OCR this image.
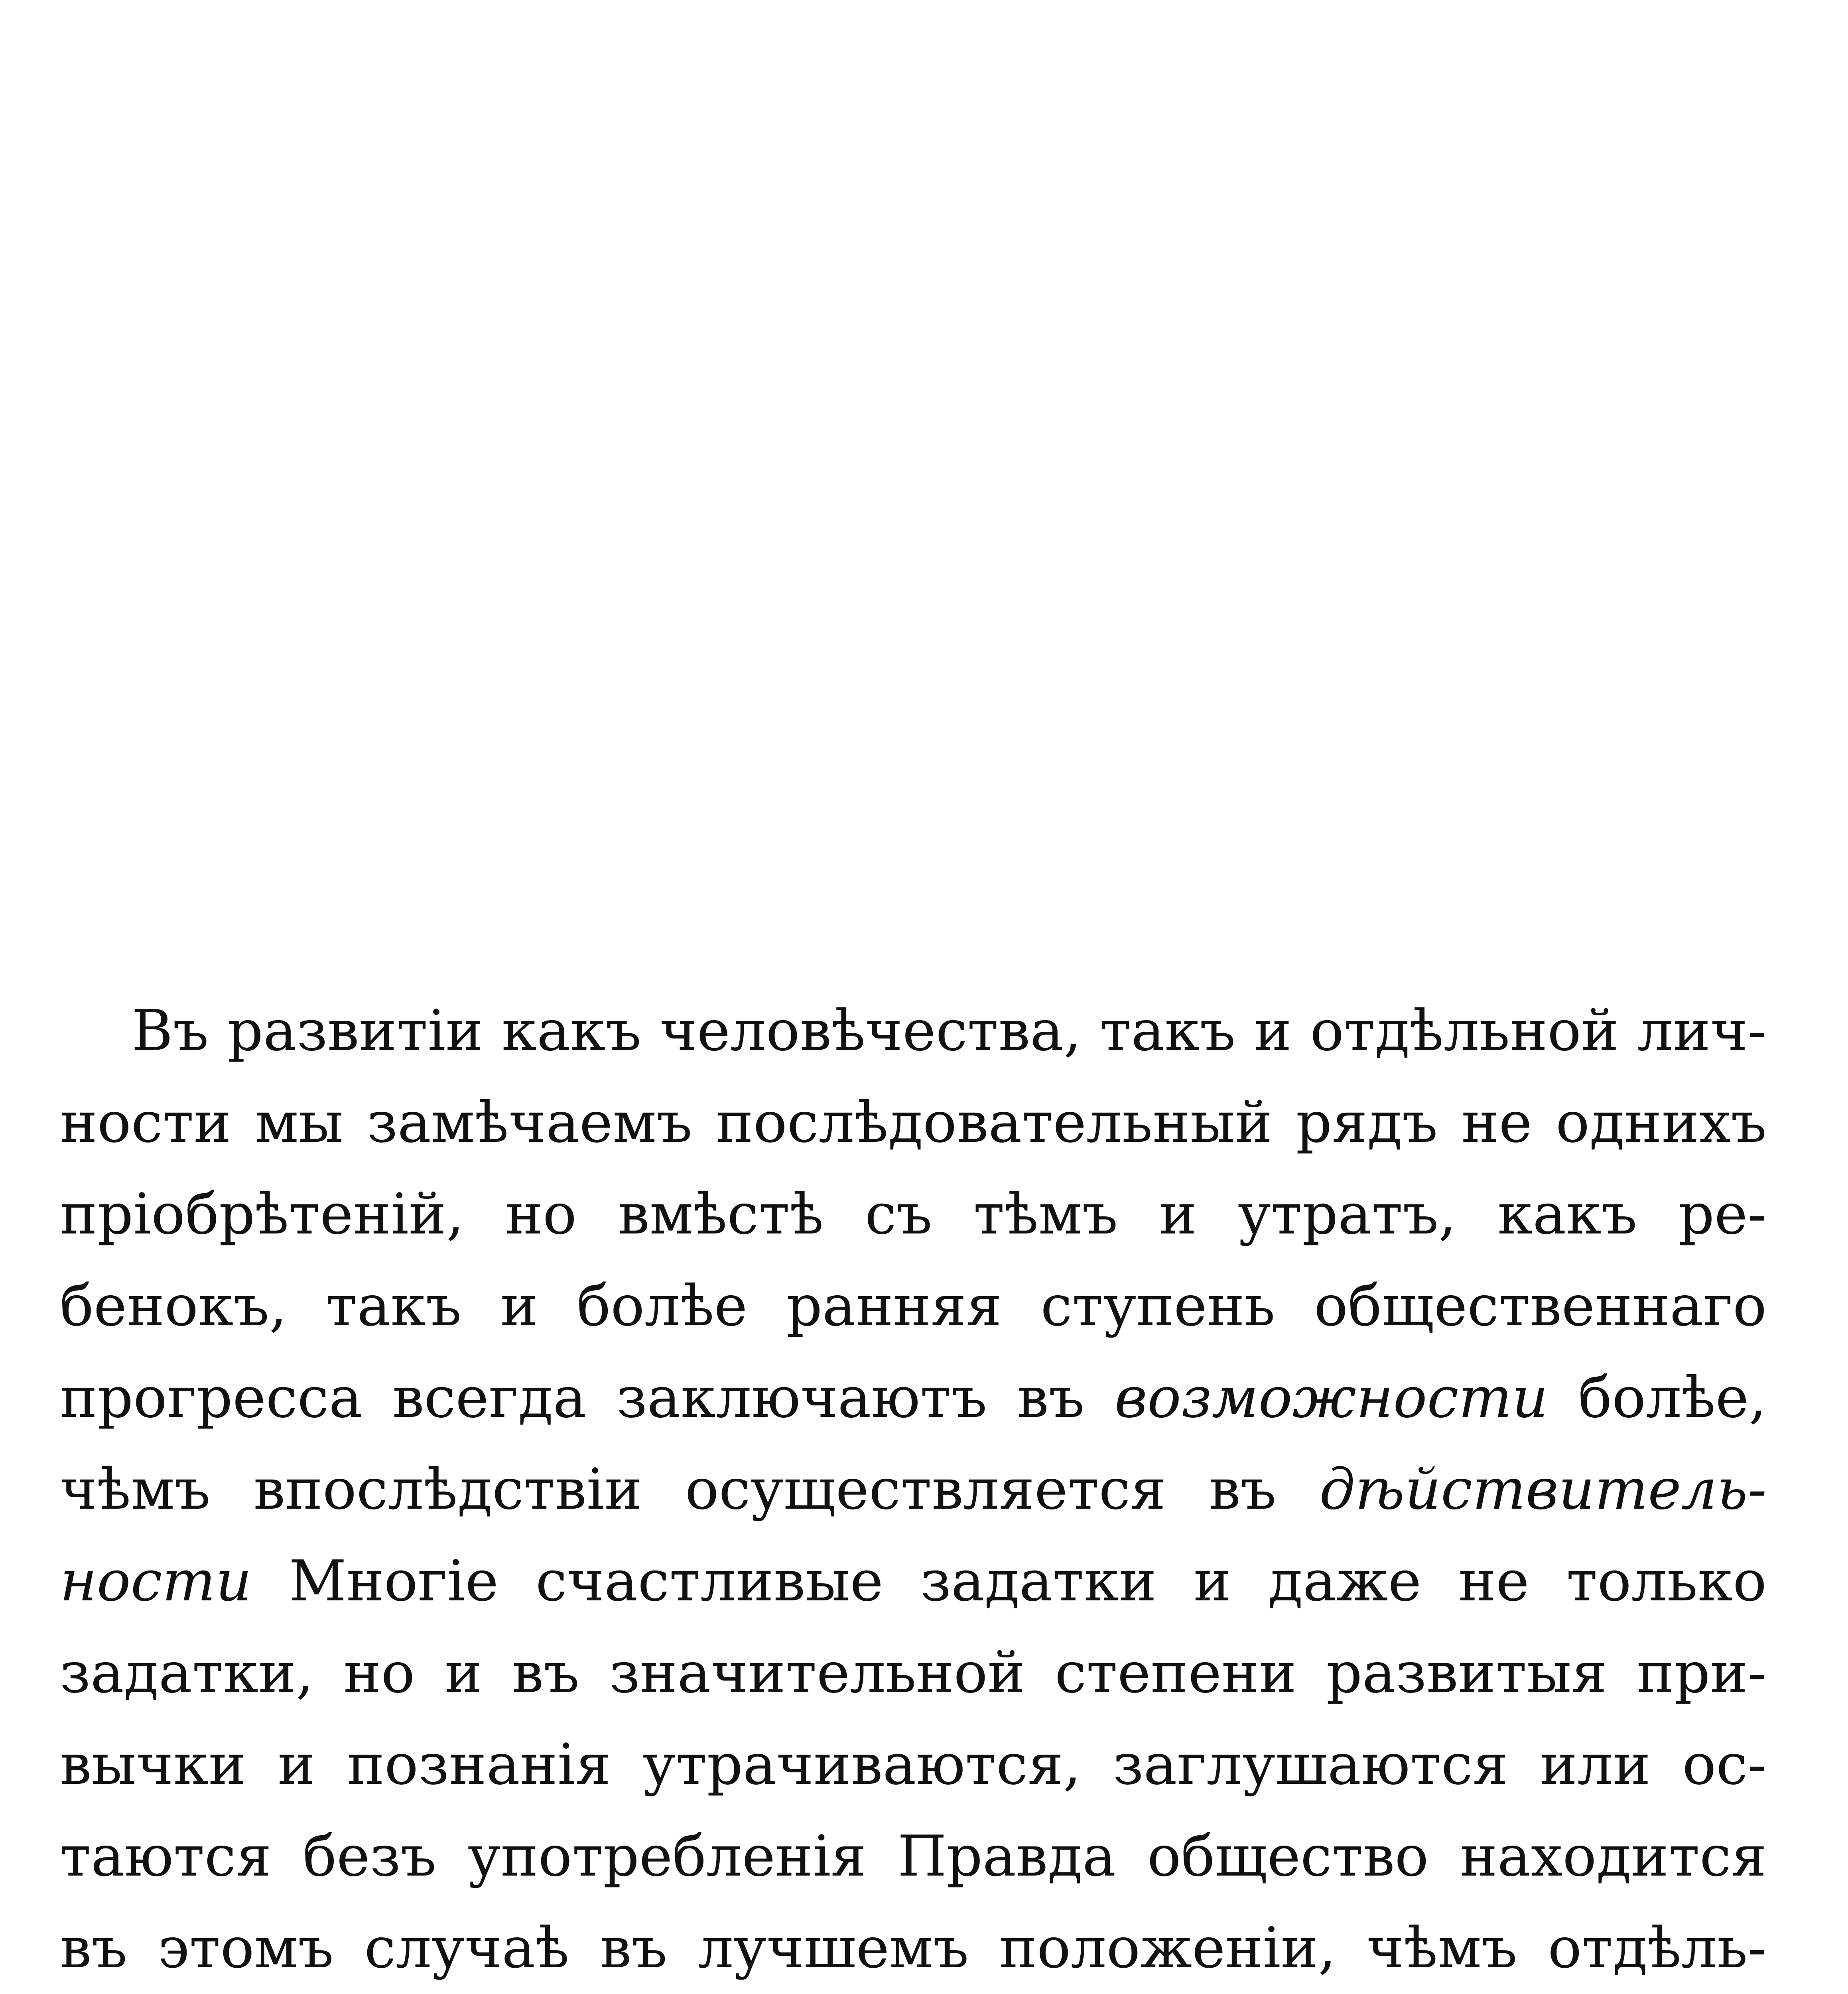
Въ развитіи какъ человѣчества, такъ и отдѣльной лич-

ности мы замѣчаемъ послѣдовательный рядъ не однихъ

пріобрѣтеній, но вмѣстѣ съ тѣмъ и утратъ, какъ ре-

бенокъ, такъ и болѣе ранняя ступень общественнаго

прогресса всегда заключаютъ въ возможности болѣе,

чѣмъ впослѣдствіи осуществляется въ дѣйствитель-

ности Многіе счастливые задатки и даже не только

задатки, но и въ значительной степени развитыя при-

вычки и познанія утрачиваются, заглушаются или ос-

таются безъ употребленія Правда общество находится

въ этомъ случаѣ въ лучшемъ положеніи, чѣмъ отдѣль-
